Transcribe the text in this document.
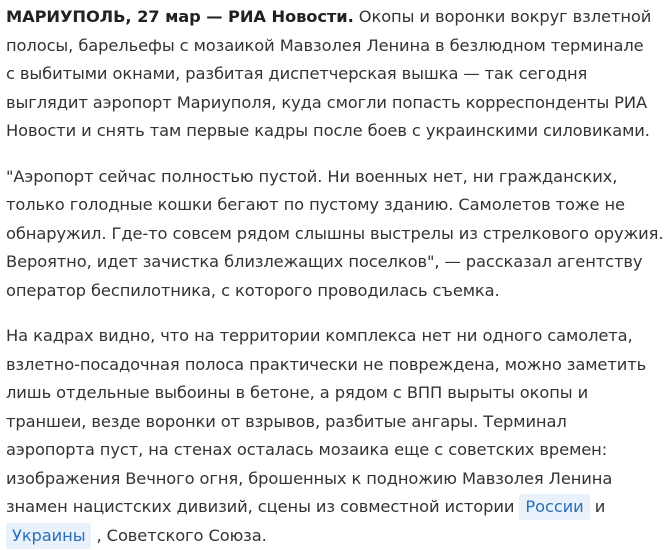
МАРИУПОЛЬ, 27 мар — РИА Новости. Окопы и воронки вокруг взлетной
полосы, барельефы с мозаикой Мавзолея Ленина в безлюдном терминале
с выбитыми окнами, разбитая диспетчерская вышка — так сегодня
выглядит аэропорт Мариуполя, куда смогли попасть корреспонденты РИА
Новости и снять там первые кадры после боев с украинскими силовиками.

"Аэропорт сейчас полностью пустой. Ни военных нет, ни гражданских,
только голодные кошки бегают по пустому зданию. Самолетов тоже не
обнаружил. Где-то совсем рядом слышны выстрелы из стрелкового оружия.
Вероятно, идет зачистка близлежащих поселков", — рассказал агентству
оператор беспилотника, с которого проводилась съемка.

На кадрах видно, что на территории комплекса нет ни одного самолета,
взлетно-посадочная полоса практически не повреждена, можно заметить
лишь отдельные выбоины в бетоне, а рядом с ВПП вырыты окопы и
траншеи, везде воронки от взрывов, разбитые ангары. Терминал
аэропорта пуст, на стенах осталась мозаика еще с советских времен:
изображения Вечного огня, брошенных к подножию Мавзолея Ленина
знамен нацистских дивизий, сцены из совместной истории России и
Украины , Советского Союза.
